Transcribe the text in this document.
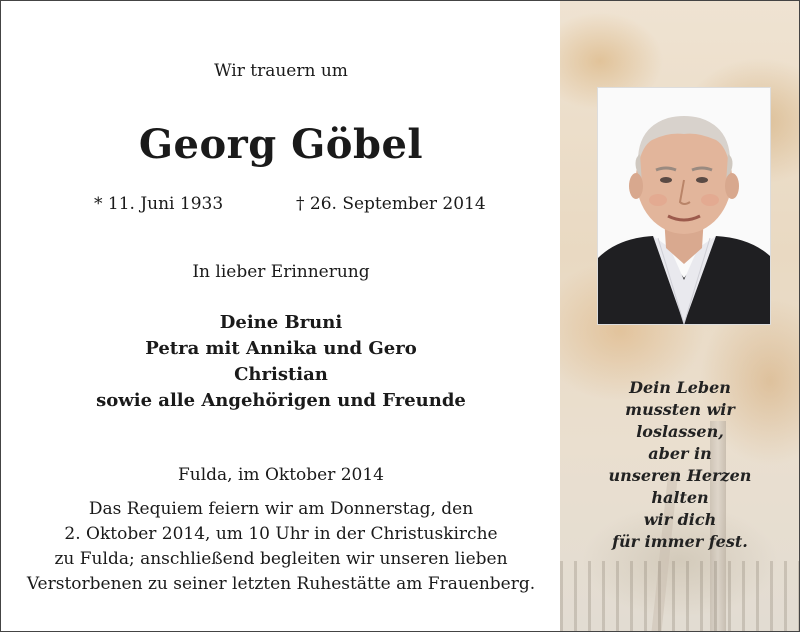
Wir trauern um
Georg Göbel
* 11. Juni 1933	† 26. September 2014
In lieber Erinnerung
Deine Bruni
Petra mit Annika und Gero
Christian
sowie alle Angehörigen und Freunde
Fulda, im Oktober 2014
Das Requiem feiern wir am Donnerstag, den
2. Oktober 2014, um 10 Uhr in der Christuskirche
zu Fulda; anschließend begleiten wir unseren lieben
Verstorbenen zu seiner letzten Ruhestätte am Frauenberg.
Dein Leben
mussten wir
loslassen,
aber in
unseren Herzen
halten
wir dich
für immer fest.
